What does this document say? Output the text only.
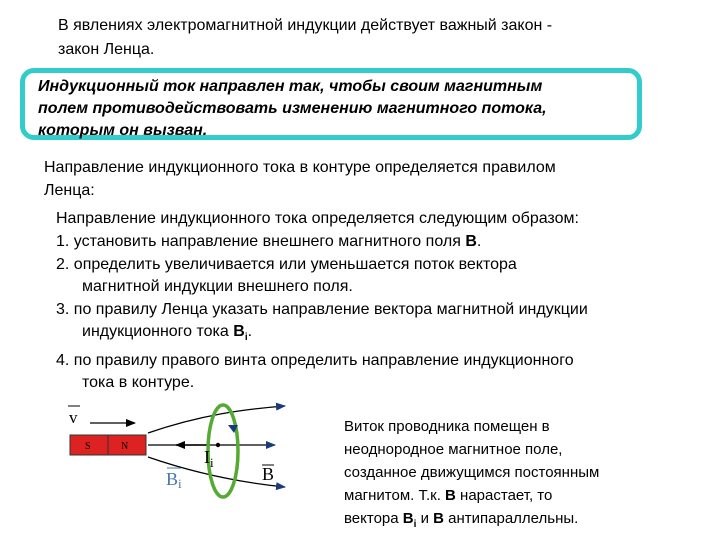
В явлениях электромагнитной индукции действует важный закон -
закон Ленца.
Индукционный ток направлен так, чтобы своим магнитным
полем противодействовать изменению магнитного потока,
которым он вызван.
Направление индукционного тока в контуре определяется правилом
Ленца:

Направление индукционного тока определяется следующим образом:

1. установить направление внешнего магнитного поля B.

2. определить увеличивается или уменьшается поток вектора
магнитной индукции внешнего поля.

3. по правилу Ленца указать направление вектора магнитной индукции
индукционного тока $B_i$.

4. по правилу правого винта определить направление индукционного
тока в контуре.

v
S	N
$I_i$
Bi	B
Виток проводника помещен в
неоднородное магнитное поле,
созданное движущимся постоянным
магнитом. Т.к. B нарастает, то
вектора $B_i$ и B антипараллельны.
